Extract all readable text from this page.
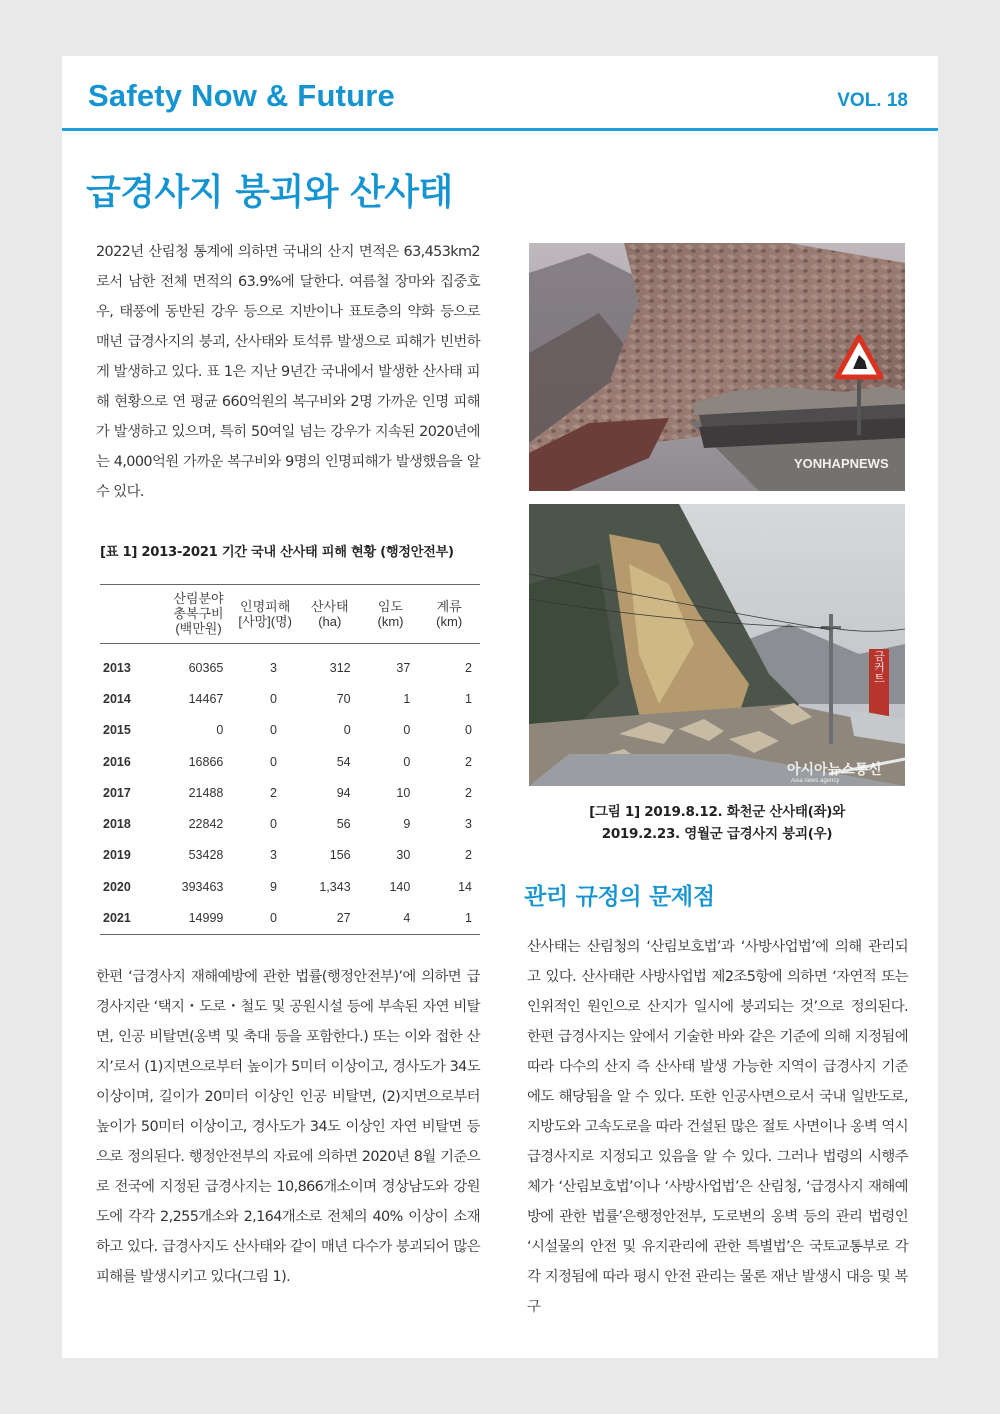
Safety Now & Future	VOL. 18
급경사지 붕괴와 산사태
2022년 산림청 통계에 의하면 국내의 산지 면적은 63,453km2로서 남한 전체 면적의 63.9%에 달한다. 여름철 장마와 집중호우, 태풍에 동반된 강우 등으로 지반이나 표토층의 약화 등으로 매년 급경사지의 붕괴, 산사태와 토석류 발생으로 피해가 빈번하게 발생하고 있다. 표 1은 지난 9년간 국내에서 발생한 산사태 피해 현황으로 연 평균 660억원의 복구비와 2명 가까운 인명 피해가 발생하고 있으며, 특히 50여일 넘는 강우가 지속된 2020년에는 4,000억원 가까운 복구비와 9명의 인명피해가 발생했음을 알 수 있다.
[표 1] 2013-2021 기간 국내 산사태 피해 현황 (행정안전부)
	산림분야
총복구비
(백만원)	인명피해
[사망](명)	산사태
(ha)	임도
(km)	계류
(km)
2013	60365	3	312	37	2
2014	14467	0	70	1	1
2015	0	0	0	0	0
2016	16866	0	54	0	2
2017	21488	2	94	10	2
2018	22842	0	56	9	3
2019	53428	3	156	30	2
2020	393463	9	1,343	140	14
2021	14999	0	27	4	1
한편 ‘급경사지 재해예방에 관한 법률(행정안전부)’에 의하면 급경사지란 ‘택지・도로・철도 및 공원시설 등에 부속된 자연 비탈면, 인공 비탈면(옹벽 및 축대 등을 포함한다.) 또는 이와 접한 산지’로서 (1)지면으로부터 높이가 5미터 이상이고, 경사도가 34도 이상이며, 길이가 20미터 이상인 인공 비탈면, (2)지면으로부터 높이가 50미터 이상이고, 경사도가 34도 이상인 자연 비탈면 등으로 정의된다. 행정안전부의 자료에 의하면 2020년 8월 기준으로 전국에 지정된 급경사지는 10,866개소이며 경상남도와 강원도에 각각 2,255개소와 2,164개소로 전체의 40% 이상이 소재하고 있다. 급경사지도 산사태와 같이 매년 다수가 붕괴되어 많은 피해를 발생시키고 있다(그림 1).
YONHAPNEWS
금커트
아시아뉴스통신
Asia news agency
[그림 1] 2019.8.12. 화천군 산사태(좌)와
2019.2.23. 영월군 급경사지 붕괴(우)
관리 규정의 문제점
산사태는 산림청의 ‘산림보호법’과 ‘사방사업법’에 의해 관리되고 있다. 산사태란 사방사업법 제2조5항에 의하면 ‘자연적 또는 인위적인 원인으로 산지가 일시에 붕괴되는 것’으로 정의된다. 한편 급경사지는 앞에서 기술한 바와 같은 기준에 의해 지정됨에 따라 다수의 산지 즉 산사태 발생 가능한 지역이 급경사지 기준에도 해당됨을 알 수 있다. 또한 인공사면으로서 국내 일반도로, 지방도와 고속도로을 따라 건설된 많은 절토 사면이나 옹벽 역시 급경사지로 지정되고 있음을 알 수 있다. 그러나 법령의 시행주체가 ‘산림보호법’이나 ‘사방사업법’은 산림청, ‘급경사지 재해예방에 관한 법률’은행정안전부, 도로변의 옹벽 등의 관리 법령인 ‘시설물의 안전 및 유지관리에 관한 특별법’은 국토교통부로 각각 지정됨에 따라 평시 안전 관리는 물론 재난 발생시 대응 및 복구
